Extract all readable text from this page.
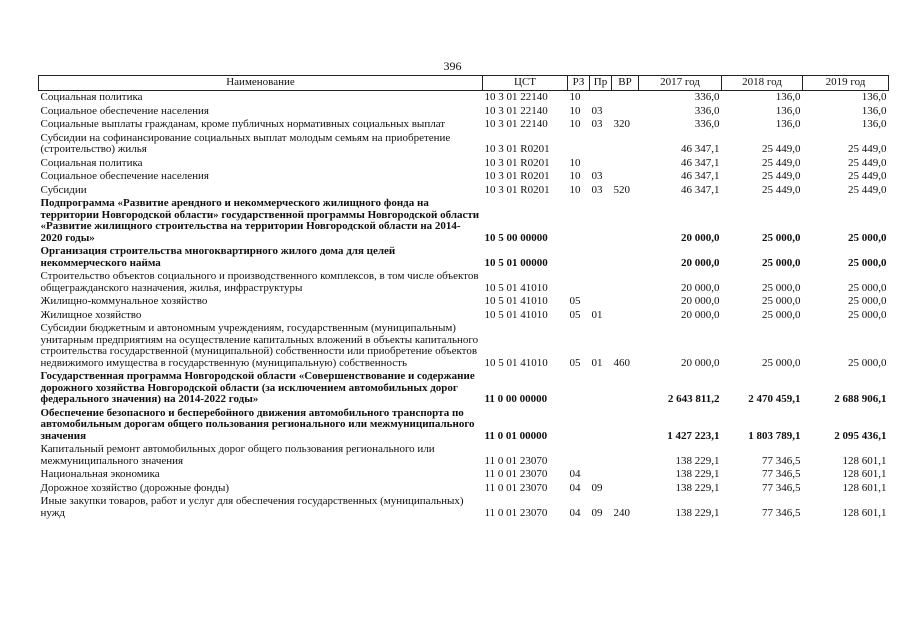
396
Наименование	ЦСТ	РЗ	Пр	ВР	2017 год	2018 год	2019 год
Социальная политика	10 3 01 22140	10			336,0	136,0	136,0
Социальное обеспечение населения	10 3 01 22140	10	03		336,0	136,0	136,0
Социальные выплаты гражданам, кроме публичных нормативных социальных выплат	10 3 01 22140	10	03	320	336,0	136,0	136,0
Субсидии на софинансирование социальных выплат молодым семьям на приобретение (строительство) жилья	10 3 01 R0201				46 347,1	25 449,0	25 449,0
Социальная политика	10 3 01 R0201	10			46 347,1	25 449,0	25 449,0
Социальное обеспечение населения	10 3 01 R0201	10	03		46 347,1	25 449,0	25 449,0
Субсидии	10 3 01 R0201	10	03	520	46 347,1	25 449,0	25 449,0
Подпрограмма «Развитие арендного и некоммерческого жилищного фонда на территории Новгородской области» государственной программы Новгородской области «Развитие жилищного строительства на территории Новгородской области на 2014-2020 годы»	10 5 00 00000				20 000,0	25 000,0	25 000,0
Организация строительства многоквартирного жилого дома для целей некоммерческого найма	10 5 01 00000				20 000,0	25 000,0	25 000,0
Строительство объектов социального и производственного комплексов, в том числе объектов общегражданского назначения, жилья, инфраструктуры	10 5 01 41010				20 000,0	25 000,0	25 000,0
Жилищно-коммунальное хозяйство	10 5 01 41010	05			20 000,0	25 000,0	25 000,0
Жилищное хозяйство	10 5 01 41010	05	01		20 000,0	25 000,0	25 000,0
Субсидии бюджетным и автономным учреждениям, государственным (муниципальным) унитарным предприятиям на осуществление капитальных вложений в объекты капитального строительства государственной (муниципальной) собственности или приобретение объектов недвижимого имущества в государственную (муниципальную) собственность	10 5 01 41010	05	01	460	20 000,0	25 000,0	25 000,0
Государственная программа Новгородской области «Совершенствование и содержание дорожного хозяйства Новгородской области (за исключением автомобильных дорог федерального значения) на 2014-2022 годы»	11 0 00 00000				2 643 811,2	2 470 459,1	2 688 906,1
Обеспечение безопасного и бесперебойного движения автомобильного транспорта по автомобильным дорогам общего пользования регионального или межмуниципального значения	11 0 01 00000				1 427 223,1	1 803 789,1	2 095 436,1
Капитальный ремонт автомобильных дорог общего пользования регионального или межмуниципального значения	11 0 01 23070				138 229,1	77 346,5	128 601,1
Национальная экономика	11 0 01 23070	04			138 229,1	77 346,5	128 601,1
Дорожное хозяйство (дорожные фонды)	11 0 01 23070	04	09		138 229,1	77 346,5	128 601,1
Иные закупки товаров, работ и услуг для обеспечения государственных (муниципальных) нужд	11 0 01 23070	04	09	240	138 229,1	77 346,5	128 601,1
